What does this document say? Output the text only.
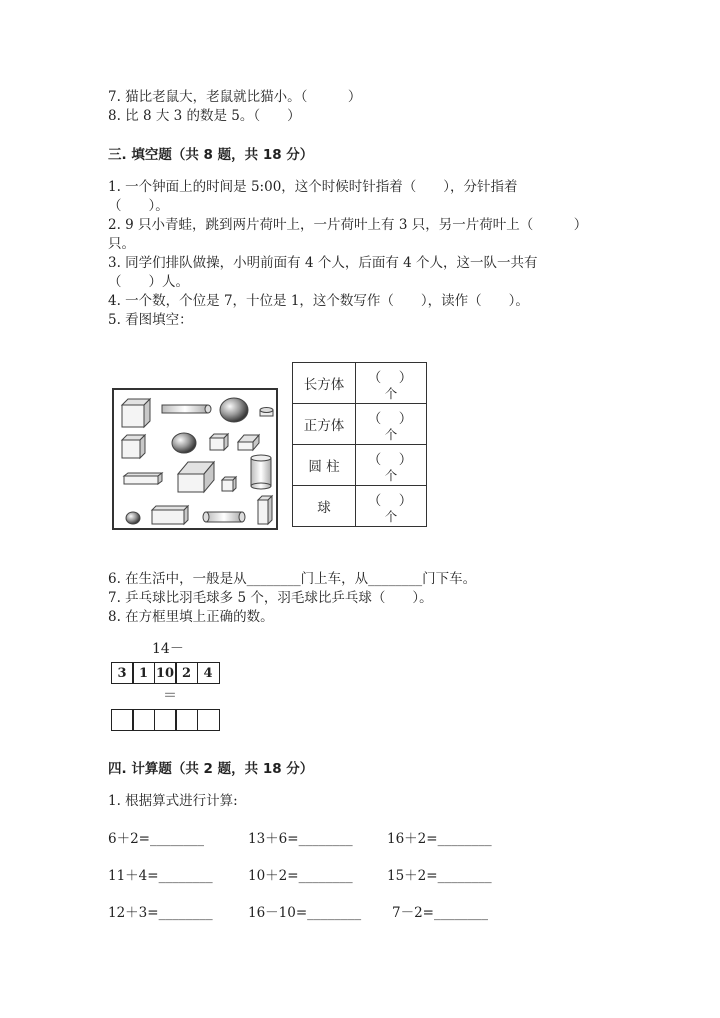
7. 猫比老鼠大，老鼠就比猫小。（　　　）
8. 比 8 大 3 的数是 5。（　　）
三. 填空题（共 8 题，共 18 分）
1. 一个钟面上的时间是 5:00，这个时候时针指着（　　），分针指着
（　　）。
2. 9 只小青蛙，跳到两片荷叶上，一片荷叶上有 3 只，另一片荷叶上（　　　）
只。
3. 同学们排队做操，小明前面有 4 个人，后面有 4 个人，这一队一共有
（　　）人。
4. 一个数，个位是 7，十位是 1，这个数写作（　　），读作（　　）。
5. 看图填空：
长方体	（　）
个

正方体	（　）
个

圆 柱	（　）
个

球	（　）
个
6. 在生活中，一般是从________门上车，从________门下车。
7. 乒乓球比羽毛球多 5 个，羽毛球比乒乓球（　　）。
8. 在方框里填上正确的数。
14－
3 1 10 2 4
＝
四. 计算题（共 2 题，共 18 分）
1. 根据算式进行计算:
6＋2=________	13＋6=________	16＋2=________
11＋4=________	10＋2=________	15＋2=________
12＋3=________	16－10=________ 7－2=________
